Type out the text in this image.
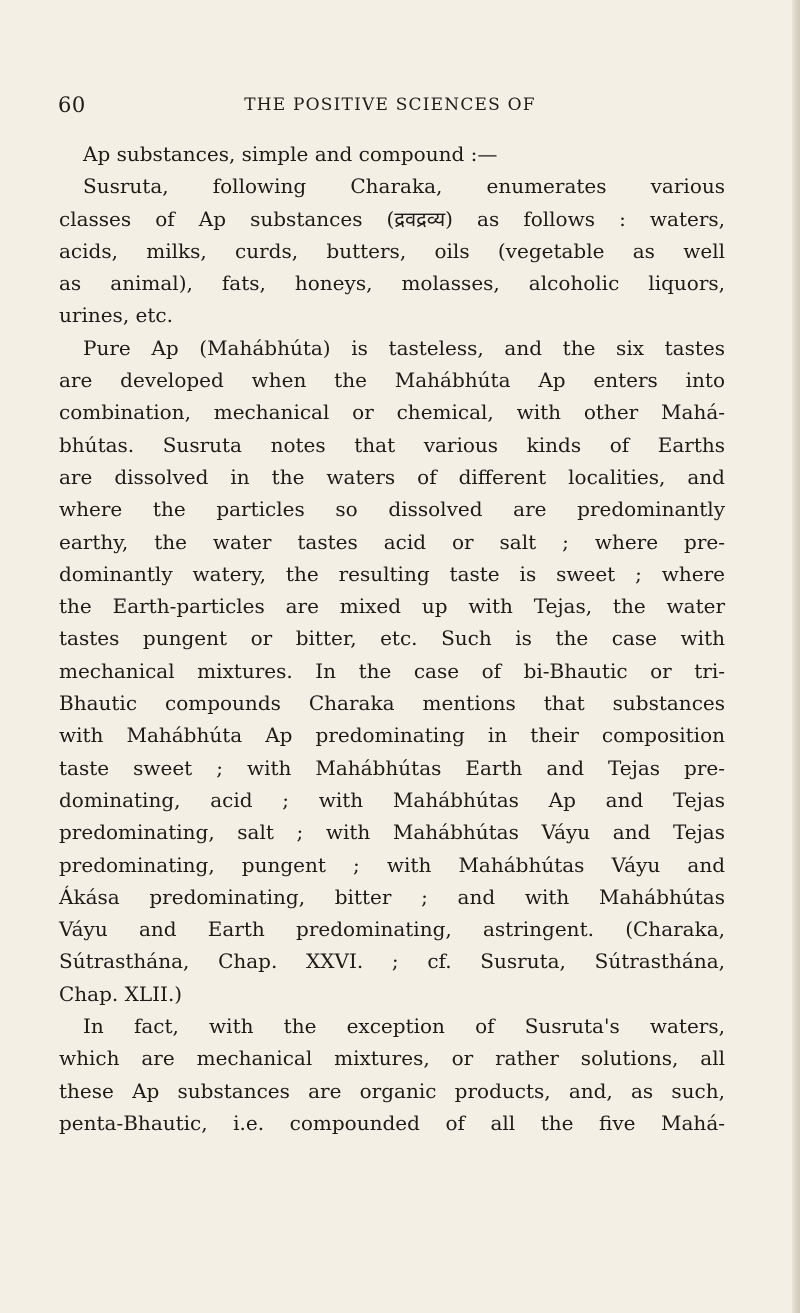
60	THE POSITIVE SCIENCES OF
Ap substances, simple and compound :—
Susruta, following Charaka, enumerates various
classes of Ap substances (द्रवद्रव्य) as follows : waters,
acids, milks, curds, butters, oils (vegetable as well
as animal), fats, honeys, molasses, alcoholic liquors,
urines, etc.
Pure Ap (Mahábhúta) is tasteless, and the six tastes
are developed when the Mahábhúta Ap enters into
combination, mechanical or chemical, with other Mahá-
bhútas. Susruta notes that various kinds of Earths
are dissolved in the waters of different localities, and
where the particles so dissolved are predominantly
earthy, the water tastes acid or salt ; where pre-
dominantly watery, the resulting taste is sweet ; where
the Earth-particles are mixed up with Tejas, the water
tastes pungent or bitter, etc. Such is the case with
mechanical mixtures. In the case of bi-Bhautic or tri-
Bhautic compounds Charaka mentions that substances
with Mahábhúta Ap predominating in their composition
taste sweet ; with Mahábhútas Earth and Tejas pre-
dominating, acid ; with Mahábhútas Ap and Tejas
predominating, salt ; with Mahábhútas Váyu and Tejas
predominating, pungent ; with Mahábhútas Váyu and
Ákása predominating, bitter ; and with Mahábhútas
Váyu and Earth predominating, astringent. (Charaka,
Sútrasthána, Chap. XXVI. ; cf. Susruta, Sútrasthána,
Chap. XLII.)
In fact, with the exception of Susruta's waters,
which are mechanical mixtures, or rather solutions, all
these Ap substances are organic products, and, as such,
penta-Bhautic, i.e. compounded of all the five Mahá-
